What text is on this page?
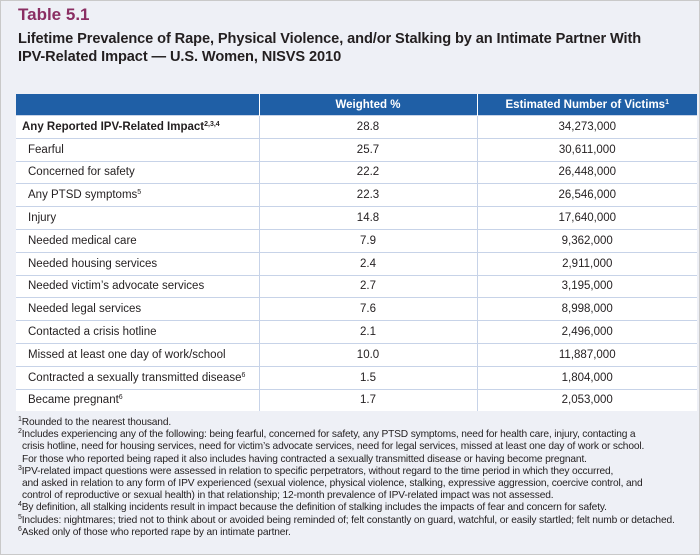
Table 5.1
Lifetime Prevalence of Rape, Physical Violence, and/or Stalking by an Intimate Partner With
IPV-Related Impact — U.S. Women, NISVS 2010
	Weighted %	Estimated Number of Victims$^1$
Any Reported IPV-Related Impact$^{2,3,4}$	28.8	34,273,000
Fearful	25.7	30,611,000
Concerned for safety	22.2	26,448,000
Any PTSD symptoms$^5$	22.3	26,546,000
Injury	14.8	17,640,000
Needed medical care	7.9	9,362,000
Needed housing services	2.4	2,911,000
Needed victim’s advocate services	2.7	3,195,000
Needed legal services	7.6	8,998,000
Contacted a crisis hotline	2.1	2,496,000
Missed at least one day of work/school	10.0	11,887,000
Contracted a sexually transmitted disease$^6$	1.5	1,804,000
Became pregnant$^6$	1.7	2,053,000

$^1$Rounded to the nearest thousand.

$^2$Includes experiencing any of the following: being fearful, concerned for safety, any PTSD symptoms, need for health care, injury, contacting a

crisis hotline, need for housing services, need for victim’s advocate services, need for legal services, missed at least one day of work or school.

For those who reported being raped it also includes having contracted a sexually transmitted disease or having become pregnant.

$^3$IPV-related impact questions were assessed in relation to specific perpetrators, without regard to the time period in which they occurred,

and asked in relation to any form of IPV experienced (sexual violence, physical violence, stalking, expressive aggression, coercive control, and

control of reproductive or sexual health) in that relationship; 12-month prevalence of IPV-related impact was not assessed.

$^4$By definition, all stalking incidents result in impact because the definition of stalking includes the impacts of fear and concern for safety.

$^5$Includes: nightmares; tried not to think about or avoided being reminded of; felt constantly on guard, watchful, or easily startled; felt numb or detached.

$^6$Asked only of those who reported rape by an intimate partner.
